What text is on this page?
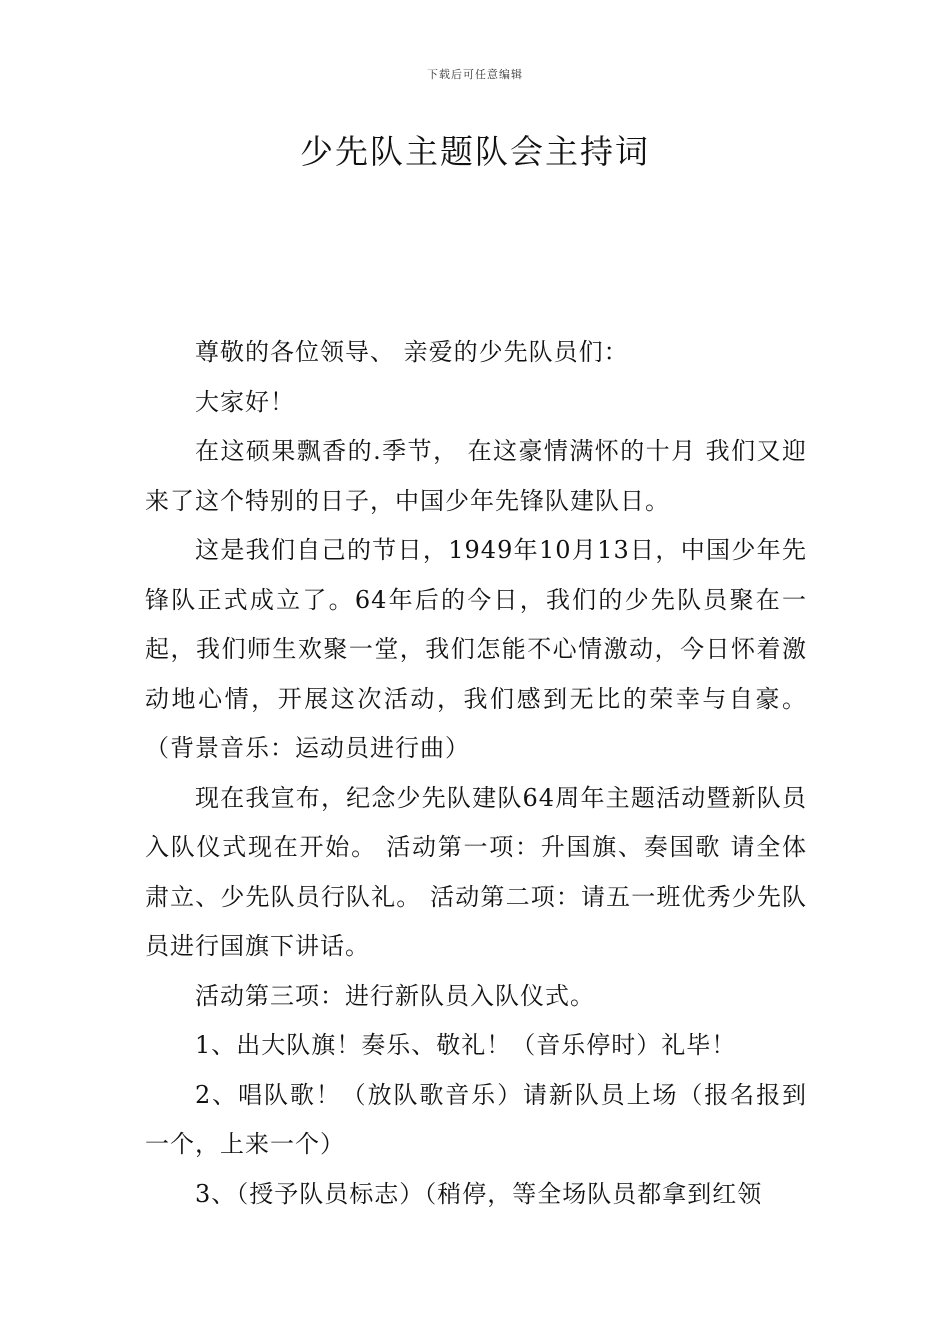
下载后可任意编辑
少先队主题队会主持词

尊敬的各位领导、 亲爱的少先队员们：

大家好！

在这硕果飘香的.季节， 在这豪情满怀的十月 我们又迎来了这个特别的日子，中国少年先锋队建队日。

这是我们自己的节日，1949年10月13日，中国少年先锋队正式成立了。64年后的今日，我们的少先队员聚在一起，我们师生欢聚一堂，我们怎能不心情激动，今日怀着激动地心情，开展这次活动，我们感到无比的荣幸与自豪。（背景音乐：运动员进行曲）

现在我宣布，纪念少先队建队64周年主题活动暨新队员入队仪式现在开始。 活动第一项：升国旗、奏国歌 请全体肃立、少先队员行队礼。 活动第二项：请五一班优秀少先队员进行国旗下讲话。

活动第三项：进行新队员入队仪式。

1、出大队旗！奏乐、敬礼！（音乐停时）礼毕！

2、唱队歌！（放队歌音乐）请新队员上场（报名报到一个，上来一个）

3、（授予队员标志）（稍停，等全场队员都拿到红领
